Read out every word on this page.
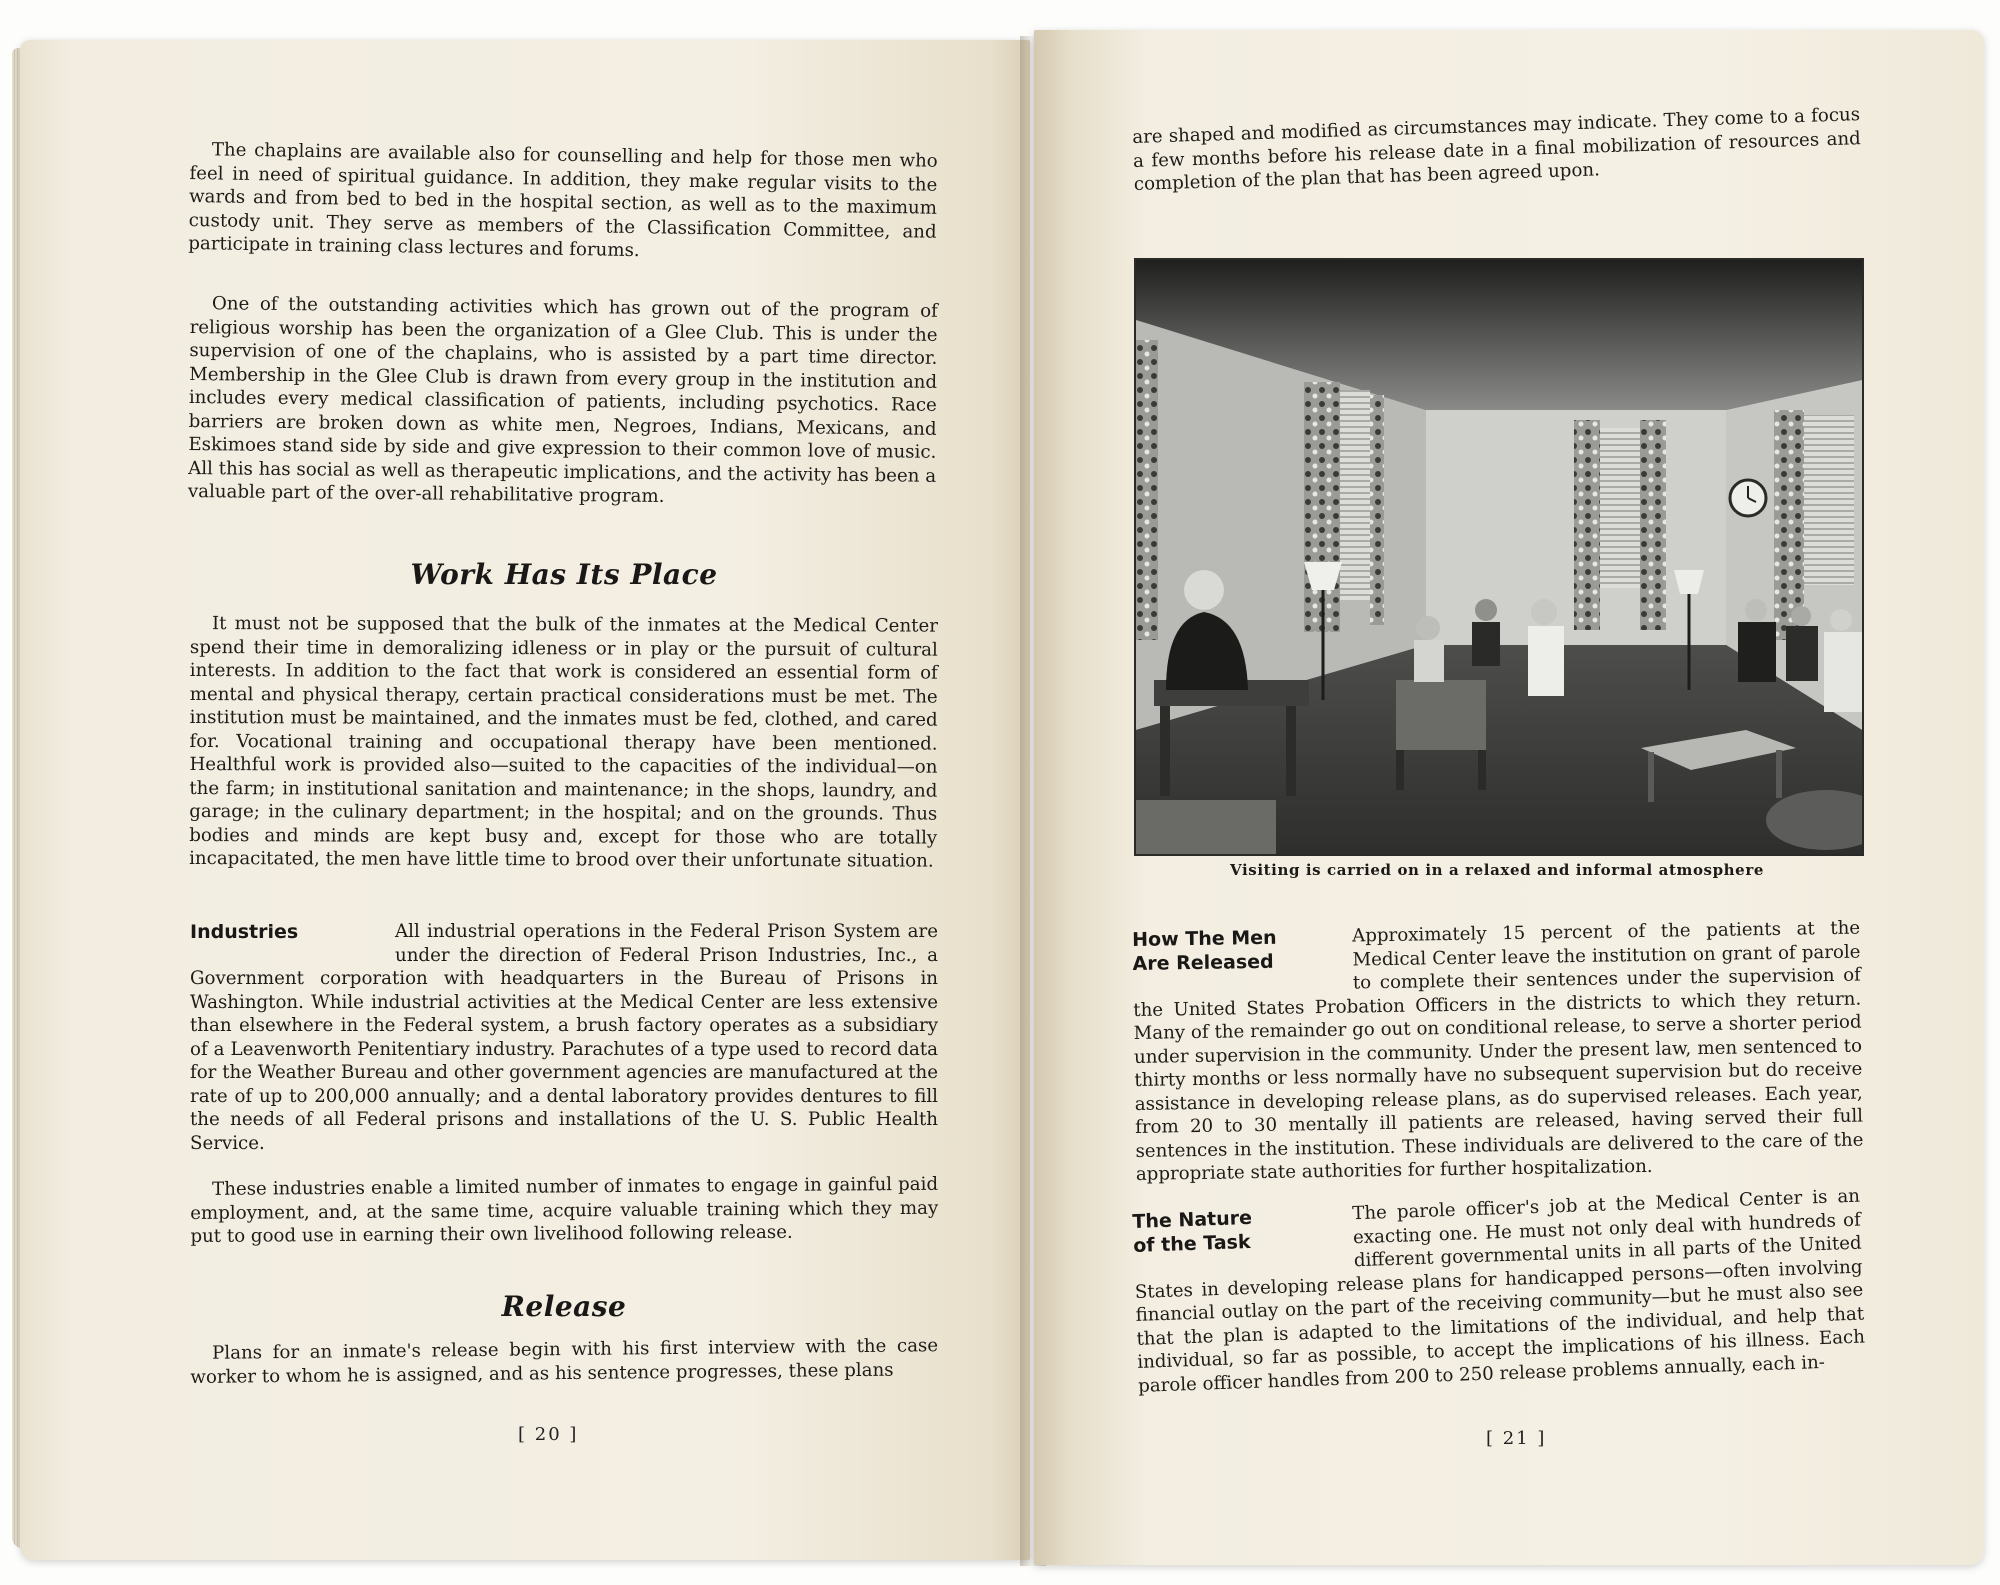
The chaplains are available also for counselling and help for those men who feel in need of spiritual guidance. In addition, they make regular visits to the wards and from bed to bed in the hospital section, as well as to the maximum custody unit. They serve as members of the Classification Committee, and participate in training class lectures and forums.

One of the outstanding activities which has grown out of the program of religious worship has been the organization of a Glee Club. This is under the supervision of one of the chaplains, who is assisted by a part time director. Membership in the Glee Club is drawn from every group in the institution and includes every medical classification of patients, including psychotics. Race barriers are broken down as white men, Negroes, Indians, Mexicans, and Eskimoes stand side by side and give expression to their common love of music. All this has social as well as therapeutic implications, and the activity has been a valuable part of the over-all rehabilitative program.

Work Has Its Place

It must not be supposed that the bulk of the inmates at the Medical Center spend their time in demoralizing idleness or in play or the pursuit of cultural interests. In addition to the fact that work is considered an essential form of mental and physical therapy, certain practical considerations must be met. The institution must be maintained, and the inmates must be fed, clothed, and cared for. Vocational training and occupational therapy have been mentioned. Healthful work is provided also—suited to the capacities of the individual—on the farm; in institutional sanitation and maintenance; in the shops, laundry, and garage; in the culinary department; in the hospital; and on the grounds. Thus bodies and minds are kept busy and, except for those who are totally incapacitated, the men have little time to brood over their unfortunate situation.

Industries	All industrial operations in the Federal Prison System are under the direction of Federal Prison Industries, Inc., a Government corporation with headquarters in the Bureau of Prisons in Washington. While industrial activities at the Medical Center are less extensive than elsewhere in the Federal system, a brush factory operates as a subsidiary of a Leavenworth Penitentiary industry. Parachutes of a type used to record data for the Weather Bureau and other government agencies are manufactured at the rate of up to 200,000 annually; and a dental laboratory provides dentures to fill the needs of all Federal prisons and installations of the U. S. Public Health Service.

These industries enable a limited number of inmates to engage in gainful paid employment, and, at the same time, acquire valuable training which they may put to good use in earning their own livelihood following release.

Release

Plans for an inmate's release begin with his first interview with the case worker to whom he is assigned, and as his sentence progresses, these plans

[ 20 ]

are shaped and modified as circumstances may indicate. They come to a focus a few months before his release date in a final mobilization of resources and completion of the plan that has been agreed upon.

Visiting is carried on in a relaxed and informal atmosphere
How The Men
Are Released

Approximately 15 percent of the patients at the Medical Center leave the institution on grant of parole to complete their sentences under the supervision of the United States Probation Officers in the districts to which they return. Many of the remainder go out on conditional release, to serve a shorter period under supervision in the community. Under the present law, men sentenced to thirty months or less normally have no subsequent supervision but do receive assistance in developing release plans, as do supervised releases. Each year, from 20 to 30 mentally ill patients are released, having served their full sentences in the institution. These individuals are delivered to the care of the appropriate state authorities for further hospitalization.

The Nature
of the Task

The parole officer's job at the Medical Center is an exacting one. He must not only deal with hundreds of different governmental units in all parts of the United States in developing release plans for handicapped persons—often involving financial outlay on the part of the receiving community—but he must also see that the plan is adapted to the limitations of the individual, and help that individual, so far as possible, to accept the implications of his illness. Each parole officer handles from 200 to 250 release problems annually, each in-

[ 21 ]
